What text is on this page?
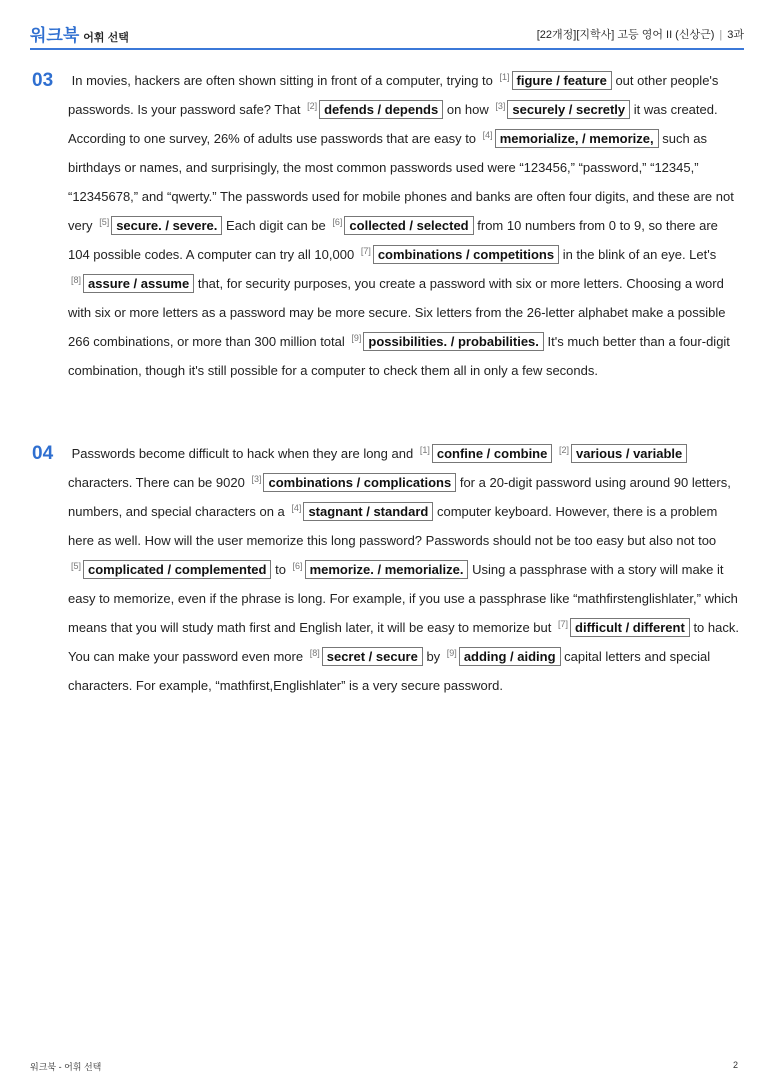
워크북 어휘 선택	[22개정][지학사] 고등 영어 II (신상근) | 3과
03 In movies, hackers are often shown sitting in front of a computer, trying to [1] figure / feature out other people's passwords. Is your password safe? That [2] defends / depends on how [3] securely / secretly it was created. According to one survey, 26% of adults use passwords that are easy to [4] memorialize, / memorize, such as birthdays or names, and surprisingly, the most common passwords used were “123456,” “password,” “12345,” “12345678,” and “qwerty.” The passwords used for mobile phones and banks are often four digits, and these are not very [5] secure. / severe. Each digit can be [6] collected / selected from 10 numbers from 0 to 9, so there are 104 possible codes. A computer can try all 10,000 [7] combinations / competitions in the blink of an eye. Let's [8] assure / assume that, for security purposes, you create a password with six or more letters. Choosing a word with six or more letters as a password may be more secure. Six letters from the 26-letter alphabet make a possible 266 combinations, or more than 300 million total [9] possibilities. / probabilities. It's much better than a four-digit combination, though it's still possible for a computer to check them all in only a few seconds.
04 Passwords become difficult to hack when they are long and [1] confine / combine [2] various / variable characters. There can be 9020 [3] combinations / complications for a 20-digit password using around 90 letters, numbers, and special characters on a [4] stagnant / standard computer keyboard. However, there is a problem here as well. How will the user memorize this long password? Passwords should not be too easy but also not too [5] complicated / complemented to [6] memorize. / memorialize. Using a passphrase with a story will make it easy to memorize, even if the phrase is long. For example, if you use a passphrase like “mathfirstenglishlater,” which means that you will study math first and English later, it will be easy to memorize but [7] difficult / different to hack. You can make your password even more [8] secret / secure by [9] adding / aiding capital letters and special characters. For example, “mathfirst,Englishlater” is a very secure password.
워크북 - 어휘 선택	2
